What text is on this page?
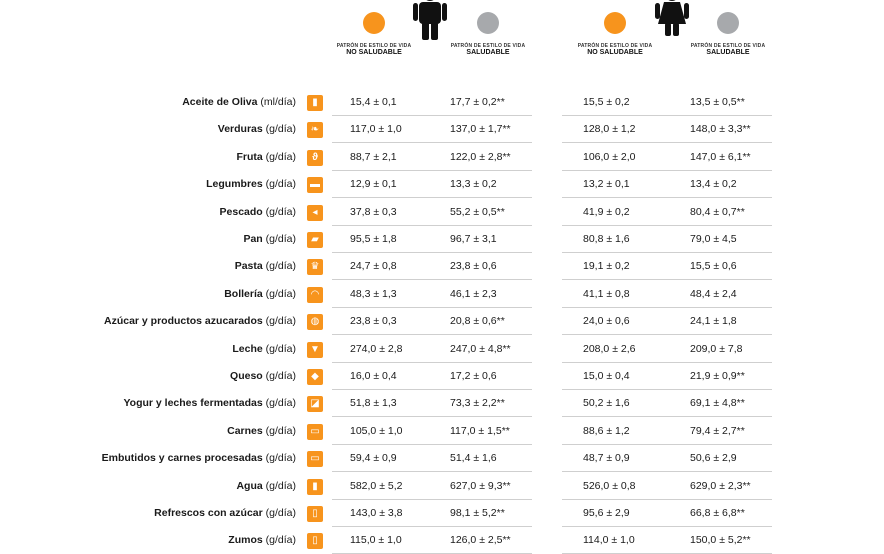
PATRÓN DE ESTILO DE VIDA
NO SALUDABLE
PATRÓN DE ESTILO DE VIDA
SALUDABLE
PATRÓN DE ESTILO DE VIDA
NO SALUDABLE
PATRÓN DE ESTILO DE VIDA
SALUDABLE
Aceite de Oliva (ml/día)	▮	15,4 ± 0,1	17,7 ± 0,2**	15,5 ± 0,2	13,5 ± 0,5**
Verduras (g/día)	❧	117,0 ± 1,0	137,0 ± 1,7**	128,0 ± 1,2	148,0 ± 3,3**
Fruta (g/día)	ϑ	88,7 ± 2,1	122,0 ± 2,8**	106,0 ± 2,0	147,0 ± 6,1**
Legumbres (g/día)	▬	12,9 ± 0,1	13,3 ± 0,2	13,2 ± 0,1	13,4 ± 0,2
Pescado (g/día)	◂	37,8 ± 0,3	55,2 ± 0,5**	41,9 ± 0,2	80,4 ± 0,7**
Pan (g/día)	▰	95,5 ± 1,8	96,7 ± 3,1	80,8 ± 1,6	79,0 ± 4,5
Pasta (g/día)	♛	24,7 ± 0,8	23,8 ± 0,6	19,1 ± 0,2	15,5 ± 0,6
Bollería (g/día)	◠	48,3 ± 1,3	46,1 ± 2,3	41,1 ± 0,8	48,4 ± 2,4
Azúcar y productos azucarados (g/día)	◍	23,8 ± 0,3	20,8 ± 0,6**	24,0 ± 0,6	24,1 ± 1,8
Leche (g/día)	▼	274,0 ± 2,8	247,0 ± 4,8**	208,0 ± 2,6	209,0 ± 7,8
Queso (g/día)	◆	16,0 ± 0,4	17,2 ± 0,6	15,0 ± 0,4	21,9 ± 0,9**
Yogur y leches fermentadas (g/día)	◪	51,8 ± 1,3	73,3 ± 2,2**	50,2 ± 1,6	69,1 ± 4,8**
Carnes (g/día)	▭	105,0 ± 1,0	117,0 ± 1,5**	88,6 ± 1,2	79,4 ± 2,7**
Embutidos y carnes procesadas (g/día)	▭	59,4 ± 0,9	51,4 ± 1,6	48,7 ± 0,9	50,6 ± 2,9
Agua (g/día)	▮	582,0 ± 5,2	627,0 ± 9,3**	526,0 ± 0,8	629,0 ± 2,3**
Refrescos con azúcar (g/día)	▯	143,0 ± 3,8	98,1 ± 5,2**	95,6 ± 2,9	66,8 ± 6,8**
Zumos (g/día)	▯	115,0 ± 1,0	126,0 ± 2,5**	114,0 ± 1,0	150,0 ± 5,2**
